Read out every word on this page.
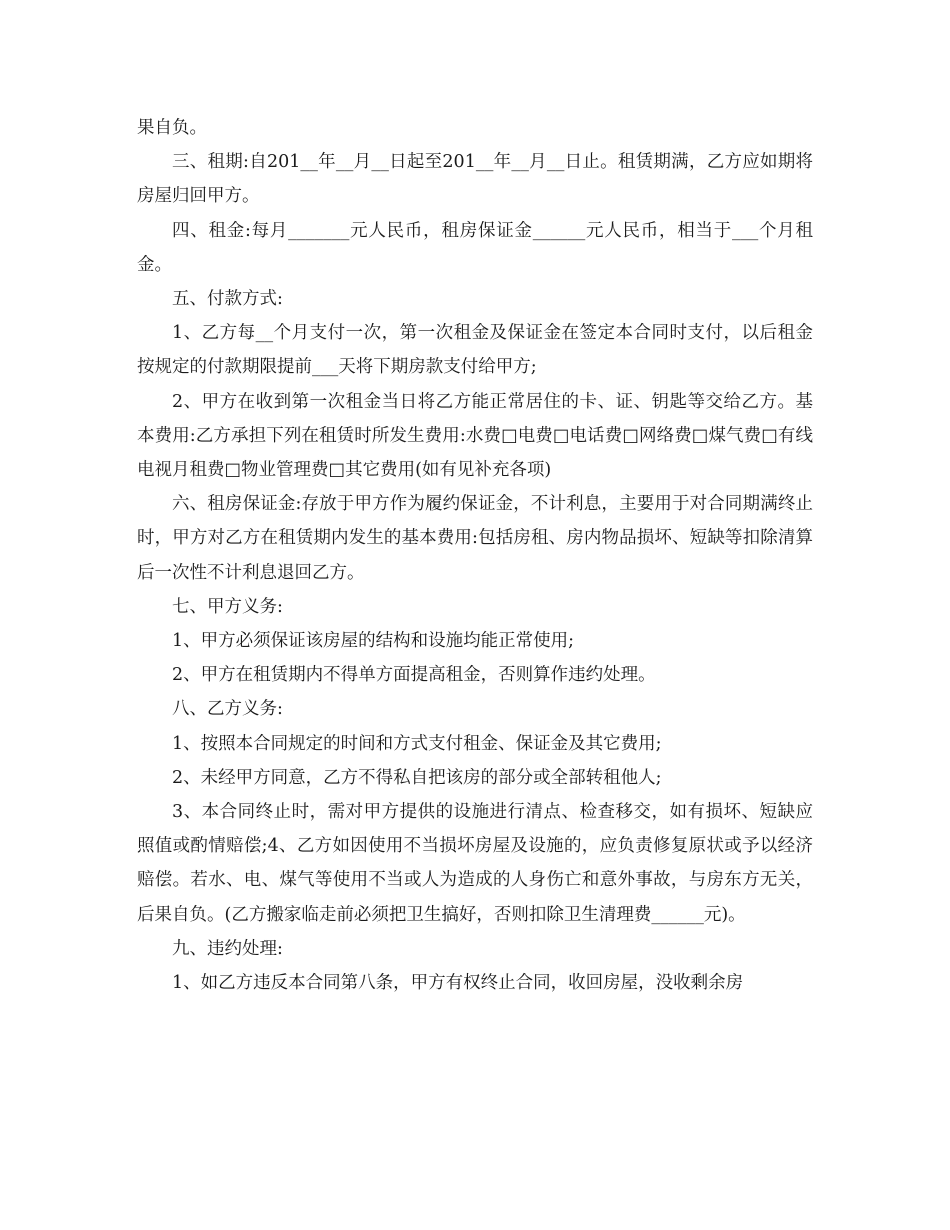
果自负。

三、租期:自201__年__月__日起至201__年__月__日止。租赁期满，乙方应如期将房屋归回甲方。

四、租金:每月_______元人民币，租房保证金______元人民币，相当于___个月租金。

五、付款方式:

1、乙方每__个月支付一次，第一次租金及保证金在签定本合同时支付，以后租金按规定的付款期限提前___天将下期房款支付给甲方;

2、甲方在收到第一次租金当日将乙方能正常居住的卡、证、钥匙等交给乙方。基本费用:乙方承担下列在租赁时所发生费用:水费□电费□电话费□网络费□煤气费□有线电视月租费□物业管理费□其它费用(如有见补充各项)

六、租房保证金:存放于甲方作为履约保证金，不计利息，主要用于对合同期满终止时，甲方对乙方在租赁期内发生的基本费用:包括房租、房内物品损坏、短缺等扣除清算后一次性不计利息退回乙方。

七、甲方义务:

1、甲方必须保证该房屋的结构和设施均能正常使用;

2、甲方在租赁期内不得单方面提高租金，否则算作违约处理。

八、乙方义务:

1、按照本合同规定的时间和方式支付租金、保证金及其它费用;

2、未经甲方同意，乙方不得私自把该房的部分或全部转租他人;

3、本合同终止时，需对甲方提供的设施进行清点、检查移交，如有损坏、短缺应照值或酌情赔偿;4、乙方如因使用不当损坏房屋及设施的，应负责修复原状或予以经济赔偿。若水、电、煤气等使用不当或人为造成的人身伤亡和意外事故，与房东方无关，后果自负。(乙方搬家临走前必须把卫生搞好，否则扣除卫生清理费______元)。

九、违约处理:

1、如乙方违反本合同第八条，甲方有权终止合同，收回房屋，没收剩余房
